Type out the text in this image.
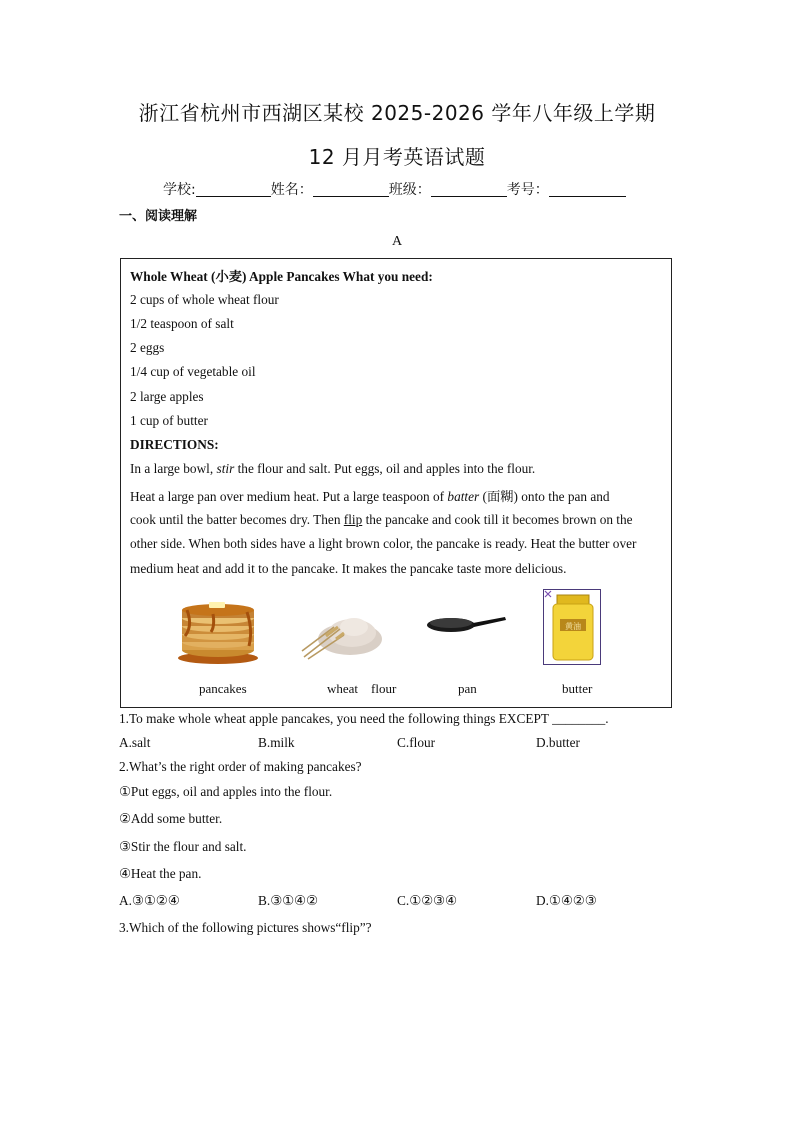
浙江省杭州市西湖区某校 2025-2026 学年八年级上学期
12 月月考英语试题
学校:	姓名：	班级：	考号：
一、阅读理解
A
Whole Wheat (小麦) Apple Pancakes What you need:
2 cups of whole wheat flour
1/2 teaspoon of salt
2 eggs
1/4 cup of vegetable oil
2 large apples
1 cup of butter
DIRECTIONS:
In a large bowl, stir the flour and salt. Put eggs, oil and apples into the flour.
Heat a large pan over medium heat. Put a large teaspoon of batter (面糊) onto the pan and
cook until the batter becomes dry. Then flip the pancake and cook till it becomes brown on the
other side. When both sides have a light brown color, the pancake is ready. Heat the butter over
medium heat and add it to the pancake. It makes the pancake taste more delicious.
黄油
pancakes	wheat    flour	pan	butter
1.To make whole wheat apple pancakes, you need the following things EXCEPT ________.
A.salt	B.milk	C.flour	D.butter
2.What’s the right order of making pancakes?
①Put eggs, oil and apples into the flour.
②Add some butter.
③Stir the flour and salt.
④Heat the pan.
A.③①②④	B.③①④②	C.①②③④	D.①④②③
3.Which of the following pictures shows“flip”?
